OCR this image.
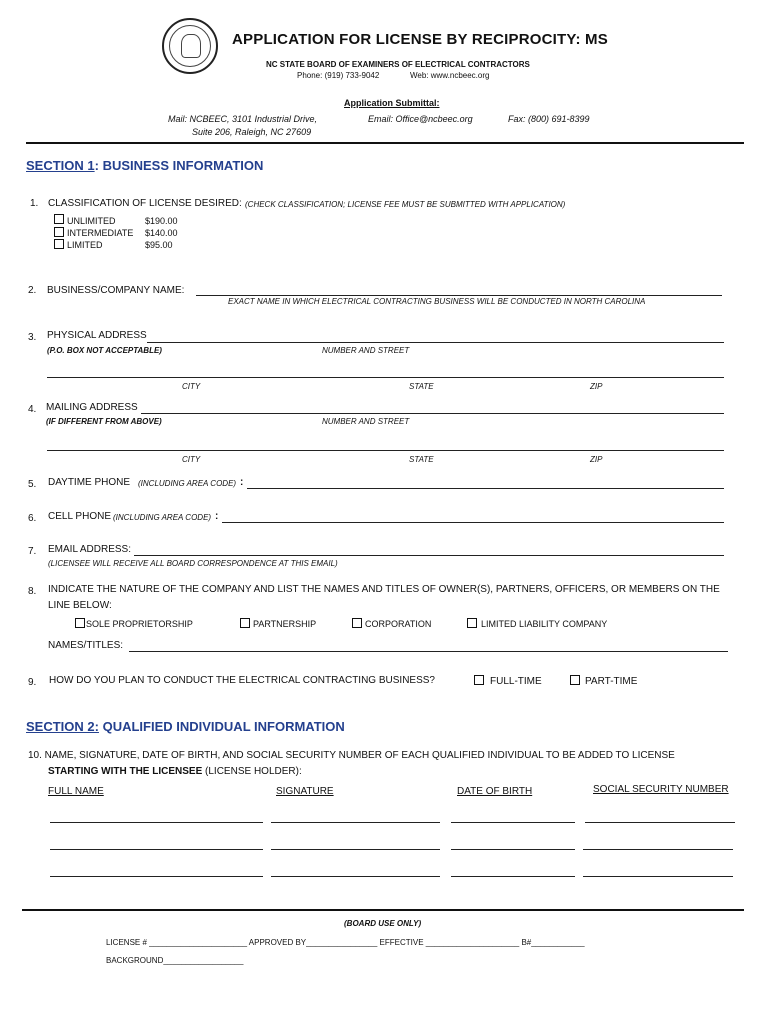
APPLICATION FOR LICENSE BY RECIPROCITY: MS
NC STATE BOARD OF EXAMINERS OF ELECTRICAL CONTRACTORS
Phone: (919) 733-9042	Web: www.ncbeec.org
Application Submittal:
Mail: NCBEEC, 3101 Industrial Drive,
Suite 206, Raleigh, NC 27609
Email: Office@ncbeec.org	Fax: (800) 691-8399
SECTION 1: BUSINESS INFORMATION
1. CLASSIFICATION OF LICENSE DESIRED: (CHECK CLASSIFICATION; LICENSE FEE MUST BE SUBMITTED WITH APPLICATION)
UNLIMITED	$190.00
INTERMEDIATE $140.00
LIMITED	$95.00
2. BUSINESS/COMPANY NAME:
EXACT NAME IN WHICH ELECTRICAL CONTRACTING BUSINESS WILL BE CONDUCTED IN NORTH CAROLINA
3. PHYSICAL ADDRESS
(P.O. BOX NOT ACCEPTABLE)	NUMBER AND STREET
CITY	STATE	ZIP
4. MAILING ADDRESS
(IF DIFFERENT FROM ABOVE)	NUMBER AND STREET
CITY	STATE	ZIP
5. DAYTIME PHONE (INCLUDING AREA CODE) :
6. CELL PHONE (INCLUDING AREA CODE) :
7. EMAIL ADDRESS:
(LICENSEE WILL RECEIVE ALL BOARD CORRESPONDENCE AT THIS EMAIL)
8. INDICATE THE NATURE OF THE COMPANY AND LIST THE NAMES AND TITLES OF OWNER(S), PARTNERS, OFFICERS, OR MEMBERS ON THE
LINE BELOW:
SOLE PROPRIETORSHIP	PARTNERSHIP	CORPORATION	LIMITED LIABILITY COMPANY
NAMES/TITLES:
9. HOW DO YOU PLAN TO CONDUCT THE ELECTRICAL CONTRACTING BUSINESS?	FULL-TIME	PART-TIME
SECTION 2: QUALIFIED INDIVIDUAL INFORMATION
10. NAME, SIGNATURE, DATE OF BIRTH, AND SOCIAL SECURITY NUMBER OF EACH QUALIFIED INDIVIDUAL TO BE ADDED TO LICENSE
STARTING WITH THE LICENSEE (LICENSE HOLDER):
FULL NAME	SIGNATURE	DATE OF BIRTH	SOCIAL SECURITY NUMBER
(BOARD USE ONLY)
LICENSE # ______________________ APPROVED BY________________ EFFECTIVE _____________________ B#____________
BACKGROUND__________________
